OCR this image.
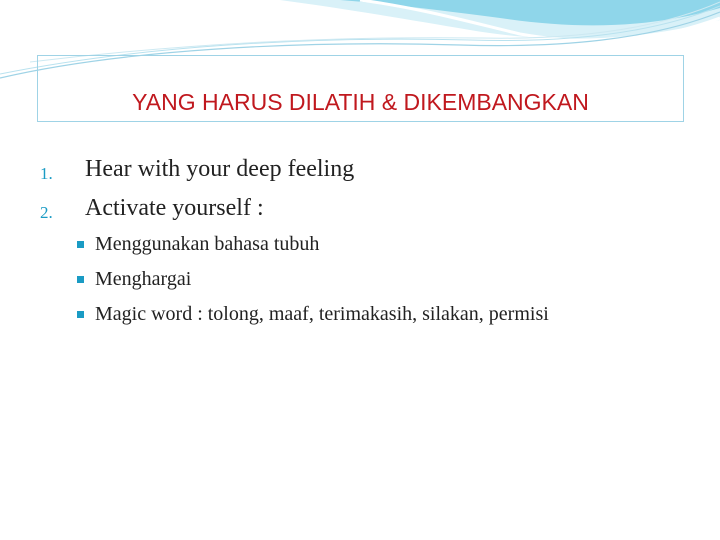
YANG HARUS DILATIH & DIKEMBANGKAN
1. Hear with your deep feeling
2. Activate yourself :
Menggunakan bahasa tubuh
Menghargai
Magic word : tolong, maaf, terimakasih, silakan, permisi
